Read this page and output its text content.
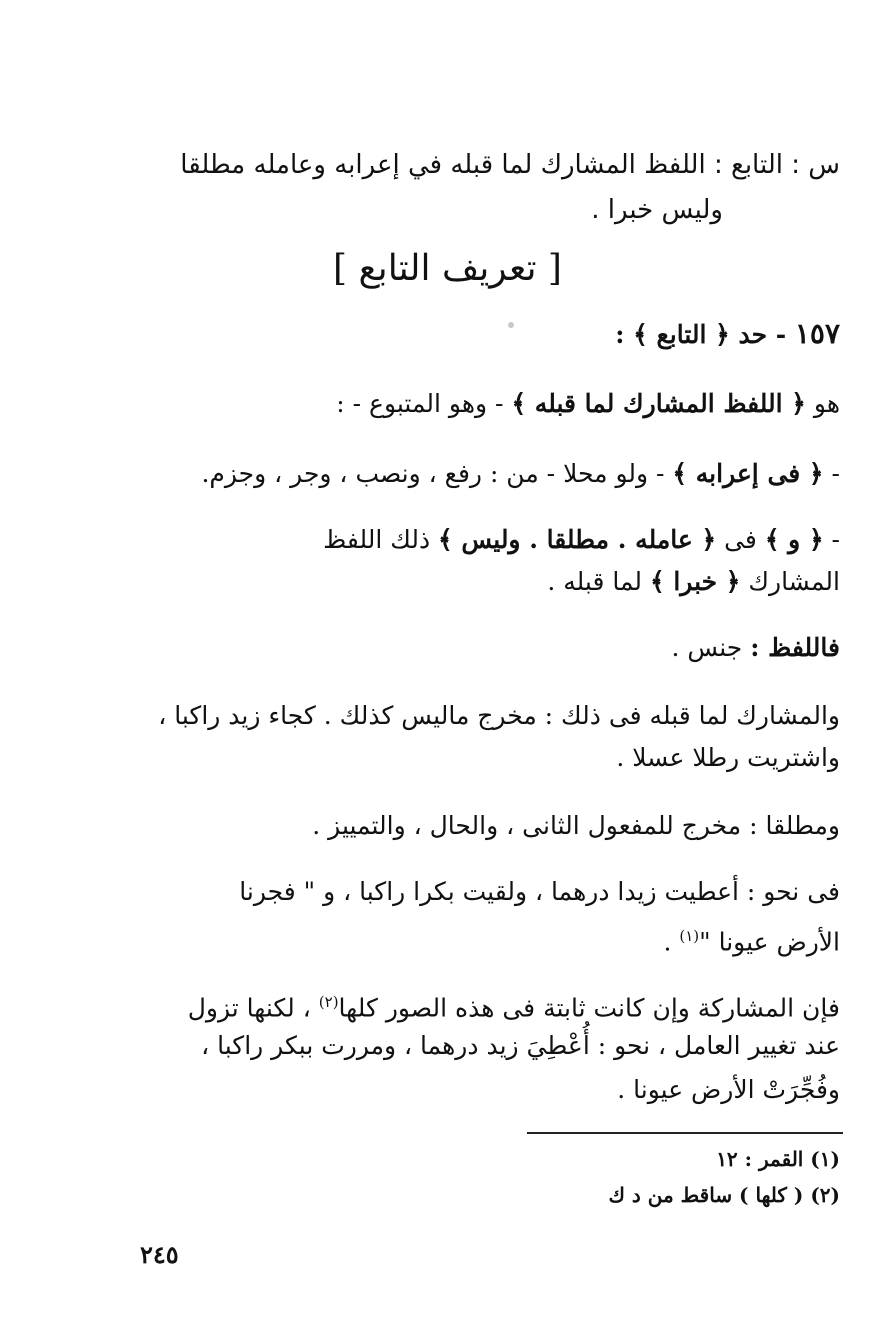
س : التابع : اللفظ المشارك لما قبله في إعرابه وعامله مطلقا
وليس خبرا .
[ تعريف التابع ]
١٥٧ - حد ﴿ التابع ﴾ :
هو ﴿ اللفظ المشارك لما قبله ﴾ - وهو المتبوع - :
- ﴿ فى إعرابه ﴾ - ولو محلا - من : رفع ، ونصب ، وجر ، وجزم.
- ﴿ و ﴾ فى ﴿ عامله . مطلقا . وليس ﴾ ذلك اللفظ
المشارك ﴿ خبرا ﴾ لما قبله .
فاللفظ : جنس .
والمشارك لما قبله فى ذلك : مخرج ماليس كذلك . كجاء زيد راكبا ،
واشتريت رطلا عسلا .
ومطلقا : مخرج للمفعول الثانى ، والحال ، والتمييز .
فى نحو : أعطيت زيدا درهما ، ولقيت بكرا راكبا ، و " فجرنا
الأرض عيونا "$^{(١)}$ .
فإن المشاركة وإن كانت ثابتة فى هذه الصور كلها$^{(٢)}$ ، لكنها تزول
عند تغيير العامل ، نحو : أُعْطِيَ زيد درهما ، ومررت ببكر راكبا ،
وفُجِّرَتْ الأرض عيونا .
(١) القمر : ١٢
(٢) ( كلها ) ساقط من د ك
٢٤٥
